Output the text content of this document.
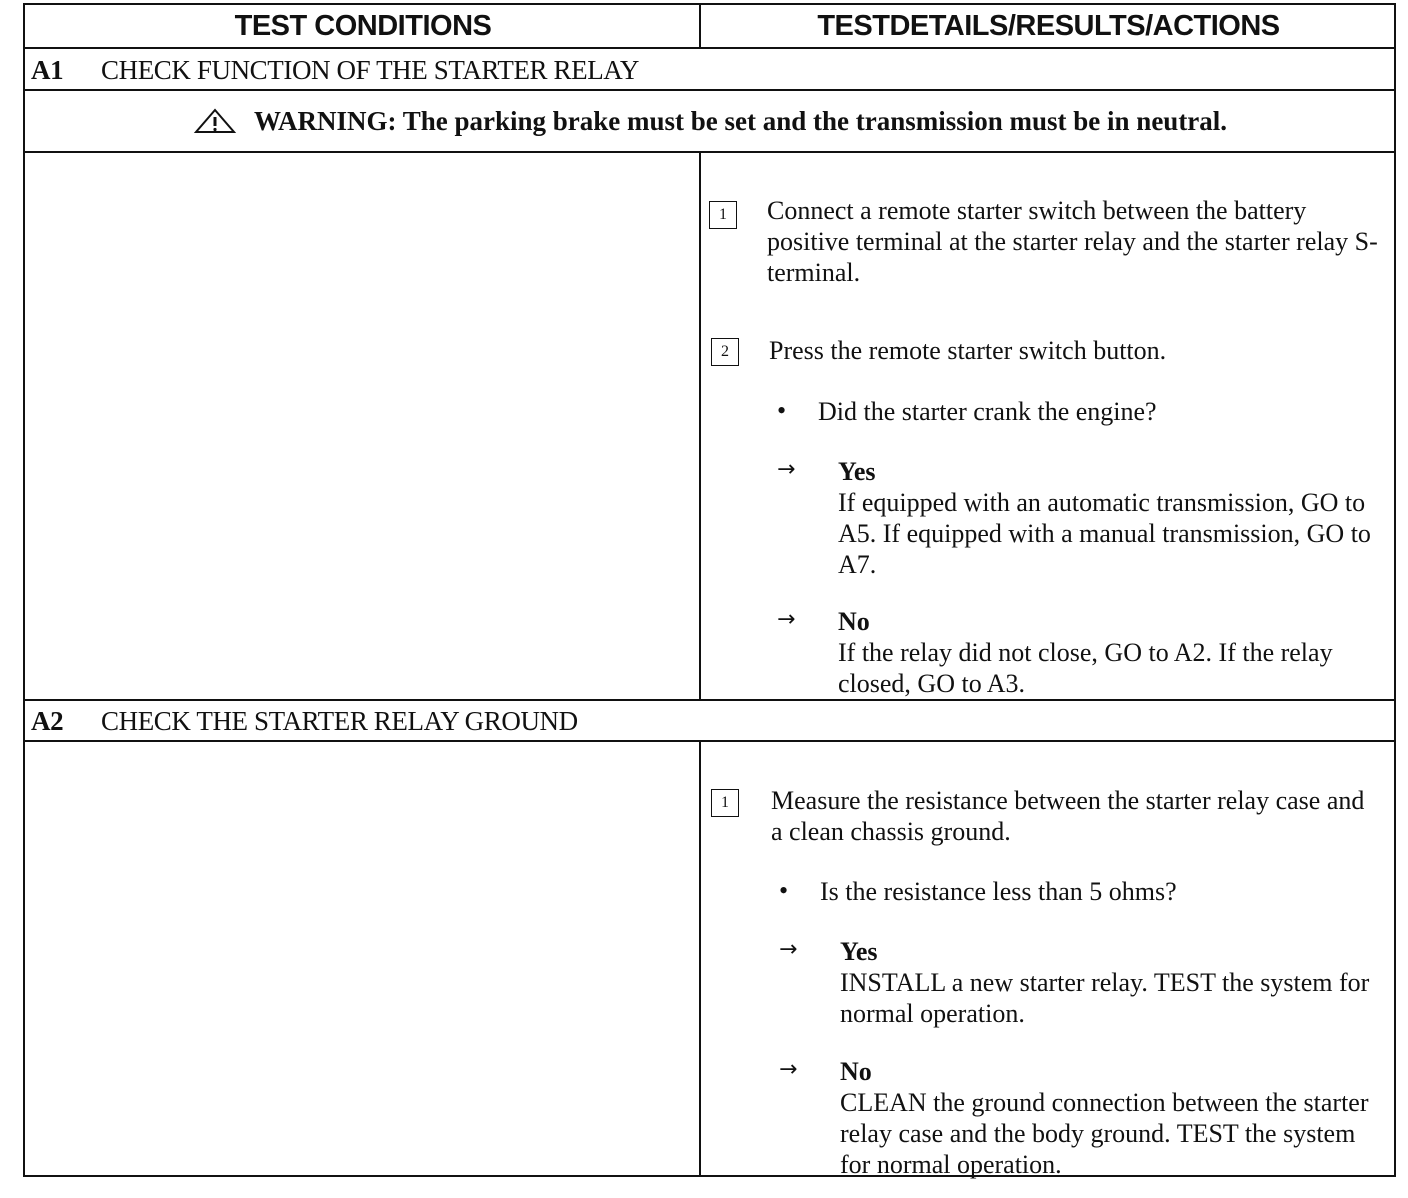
TEST CONDITIONS	TESTDETAILS/RESULTS/ACTIONS
A1	CHECK FUNCTION OF THE STARTER RELAY
WARNING: The parking brake must be set and the transmission must be in neutral.
1	Connect a remote starter switch between the battery positive terminal at the starter relay and the starter relay S-terminal.
2	Press the remote starter switch button.
• Did the starter crank the engine?
→ Yes
If equipped with an automatic transmission, GO to A5. If equipped with a manual transmission, GO to A7.
→ No
If the relay did not close, GO to A2. If the relay closed, GO to A3.
A2	CHECK THE STARTER RELAY GROUND
1	Measure the resistance between the starter relay case and a clean chassis ground.
• Is the resistance less than 5 ohms?
→ Yes
INSTALL a new starter relay. TEST the system for normal operation.
→ No
CLEAN the ground connection between the starter relay case and the body ground. TEST the system for normal operation.
